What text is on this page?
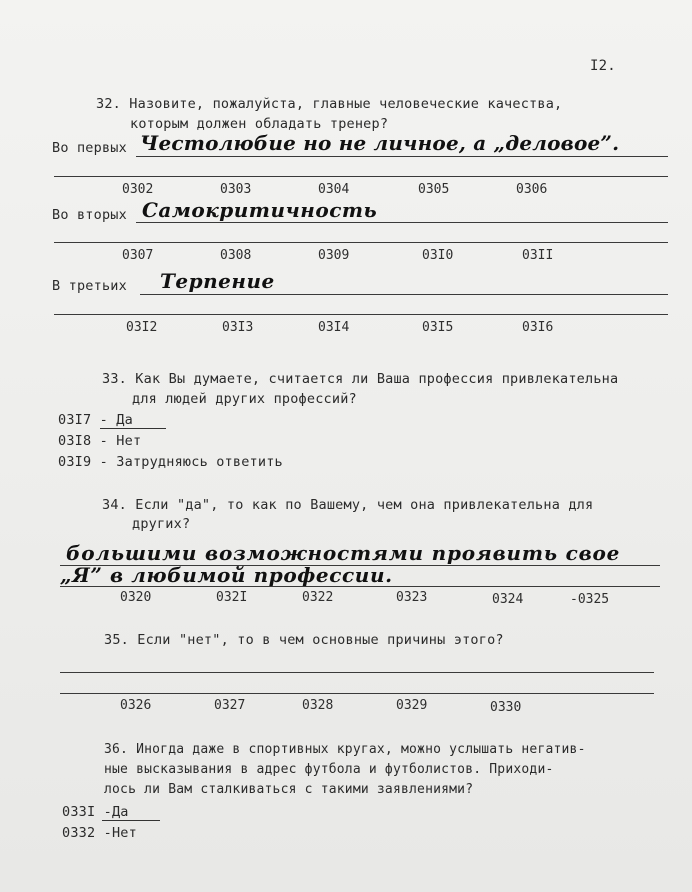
I2.
32. Назовите, пожалуйста, главные человеческие качества,
которым должен обладать тренер?
Во первых Честолюбие но не личное, а „деловое”.
0302	0303	0304	0305	0306
Во вторых Самокритичность
0307	0308	0309	03I0	03II
В третьих Терпение
03I2	03I3	03I4	03I5	03I6
33. Как Вы думаете, считается ли Ваша профессия привлекательна
для людей других профессий?
03I7 - Да
03I8 - Нет
03I9 - Затрудняюсь ответить
34. Если "да", то как по Вашему, чем она привлекательна для
других?
большими возможностями проявить свое
„Я” в любимой профессии.
0320	032I	0322	0323	0324	-0325
35. Если "нет", то в чем основные причины этого?
0326	0327	0328	0329	0330
36. Иногда даже в спортивных кругах, можно услышать негатив-
ные высказывания в адрес футбола и футболистов. Приходи-
лось ли Вам сталкиваться с такими заявлениями?
033I -Да
0332 -Нет
